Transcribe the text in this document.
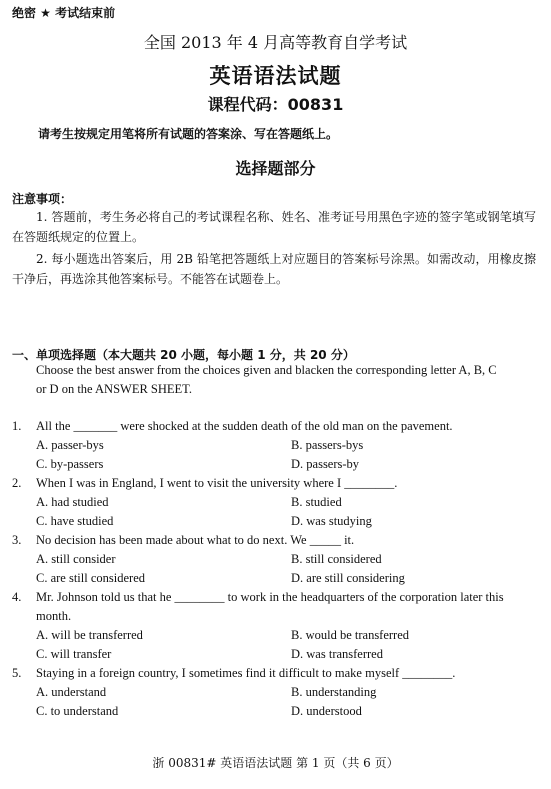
绝密 ★ 考试结束前
全国 2013 年 4 月高等教育自学考试
英语语法试题
课程代码：00831
请考生按规定用笔将所有试题的答案涂、写在答题纸上。
选择题部分
注意事项：
1. 答题前，考生务必将自己的考试课程名称、姓名、准考证号用黑色字迹的签字笔或钢笔填写在答题纸规定的位置上。
2. 每小题选出答案后，用 2B 铅笔把答题纸上对应题目的答案标号涂黑。如需改动，用橡皮擦干净后，再选涂其他答案标号。不能答在试题卷上。
一、单项选择题（本大题共 20 小题，每小题 1 分，共 20 分）
Choose the best answer from the choices given and blacken the corresponding letter A, B, C or D on the ANSWER SHEET.
1. All the _______ were shocked at the sudden death of the old man on the pavement.
A. passer-bys	B. passers-bys
C. by-passers	D. passers-by
2. When I was in England, I went to visit the university where I ________.
A. had studied	B. studied
C. have studied	D. was studying
3. No decision has been made about what to do next. We _____ it.
A. still consider	B. still considered
C. are still considered	D. are still considering
4. Mr. Johnson told us that he ________ to work in the headquarters of the corporation later this
month.
A. will be transferred	B. would be transferred
C. will transfer	D. was transferred
5. Staying in a foreign country, I sometimes find it difficult to make myself ________.
A. understand	B. understanding
C. to understand	D. understood
浙 00831# 英语语法试题 第 1 页（共 6 页）
